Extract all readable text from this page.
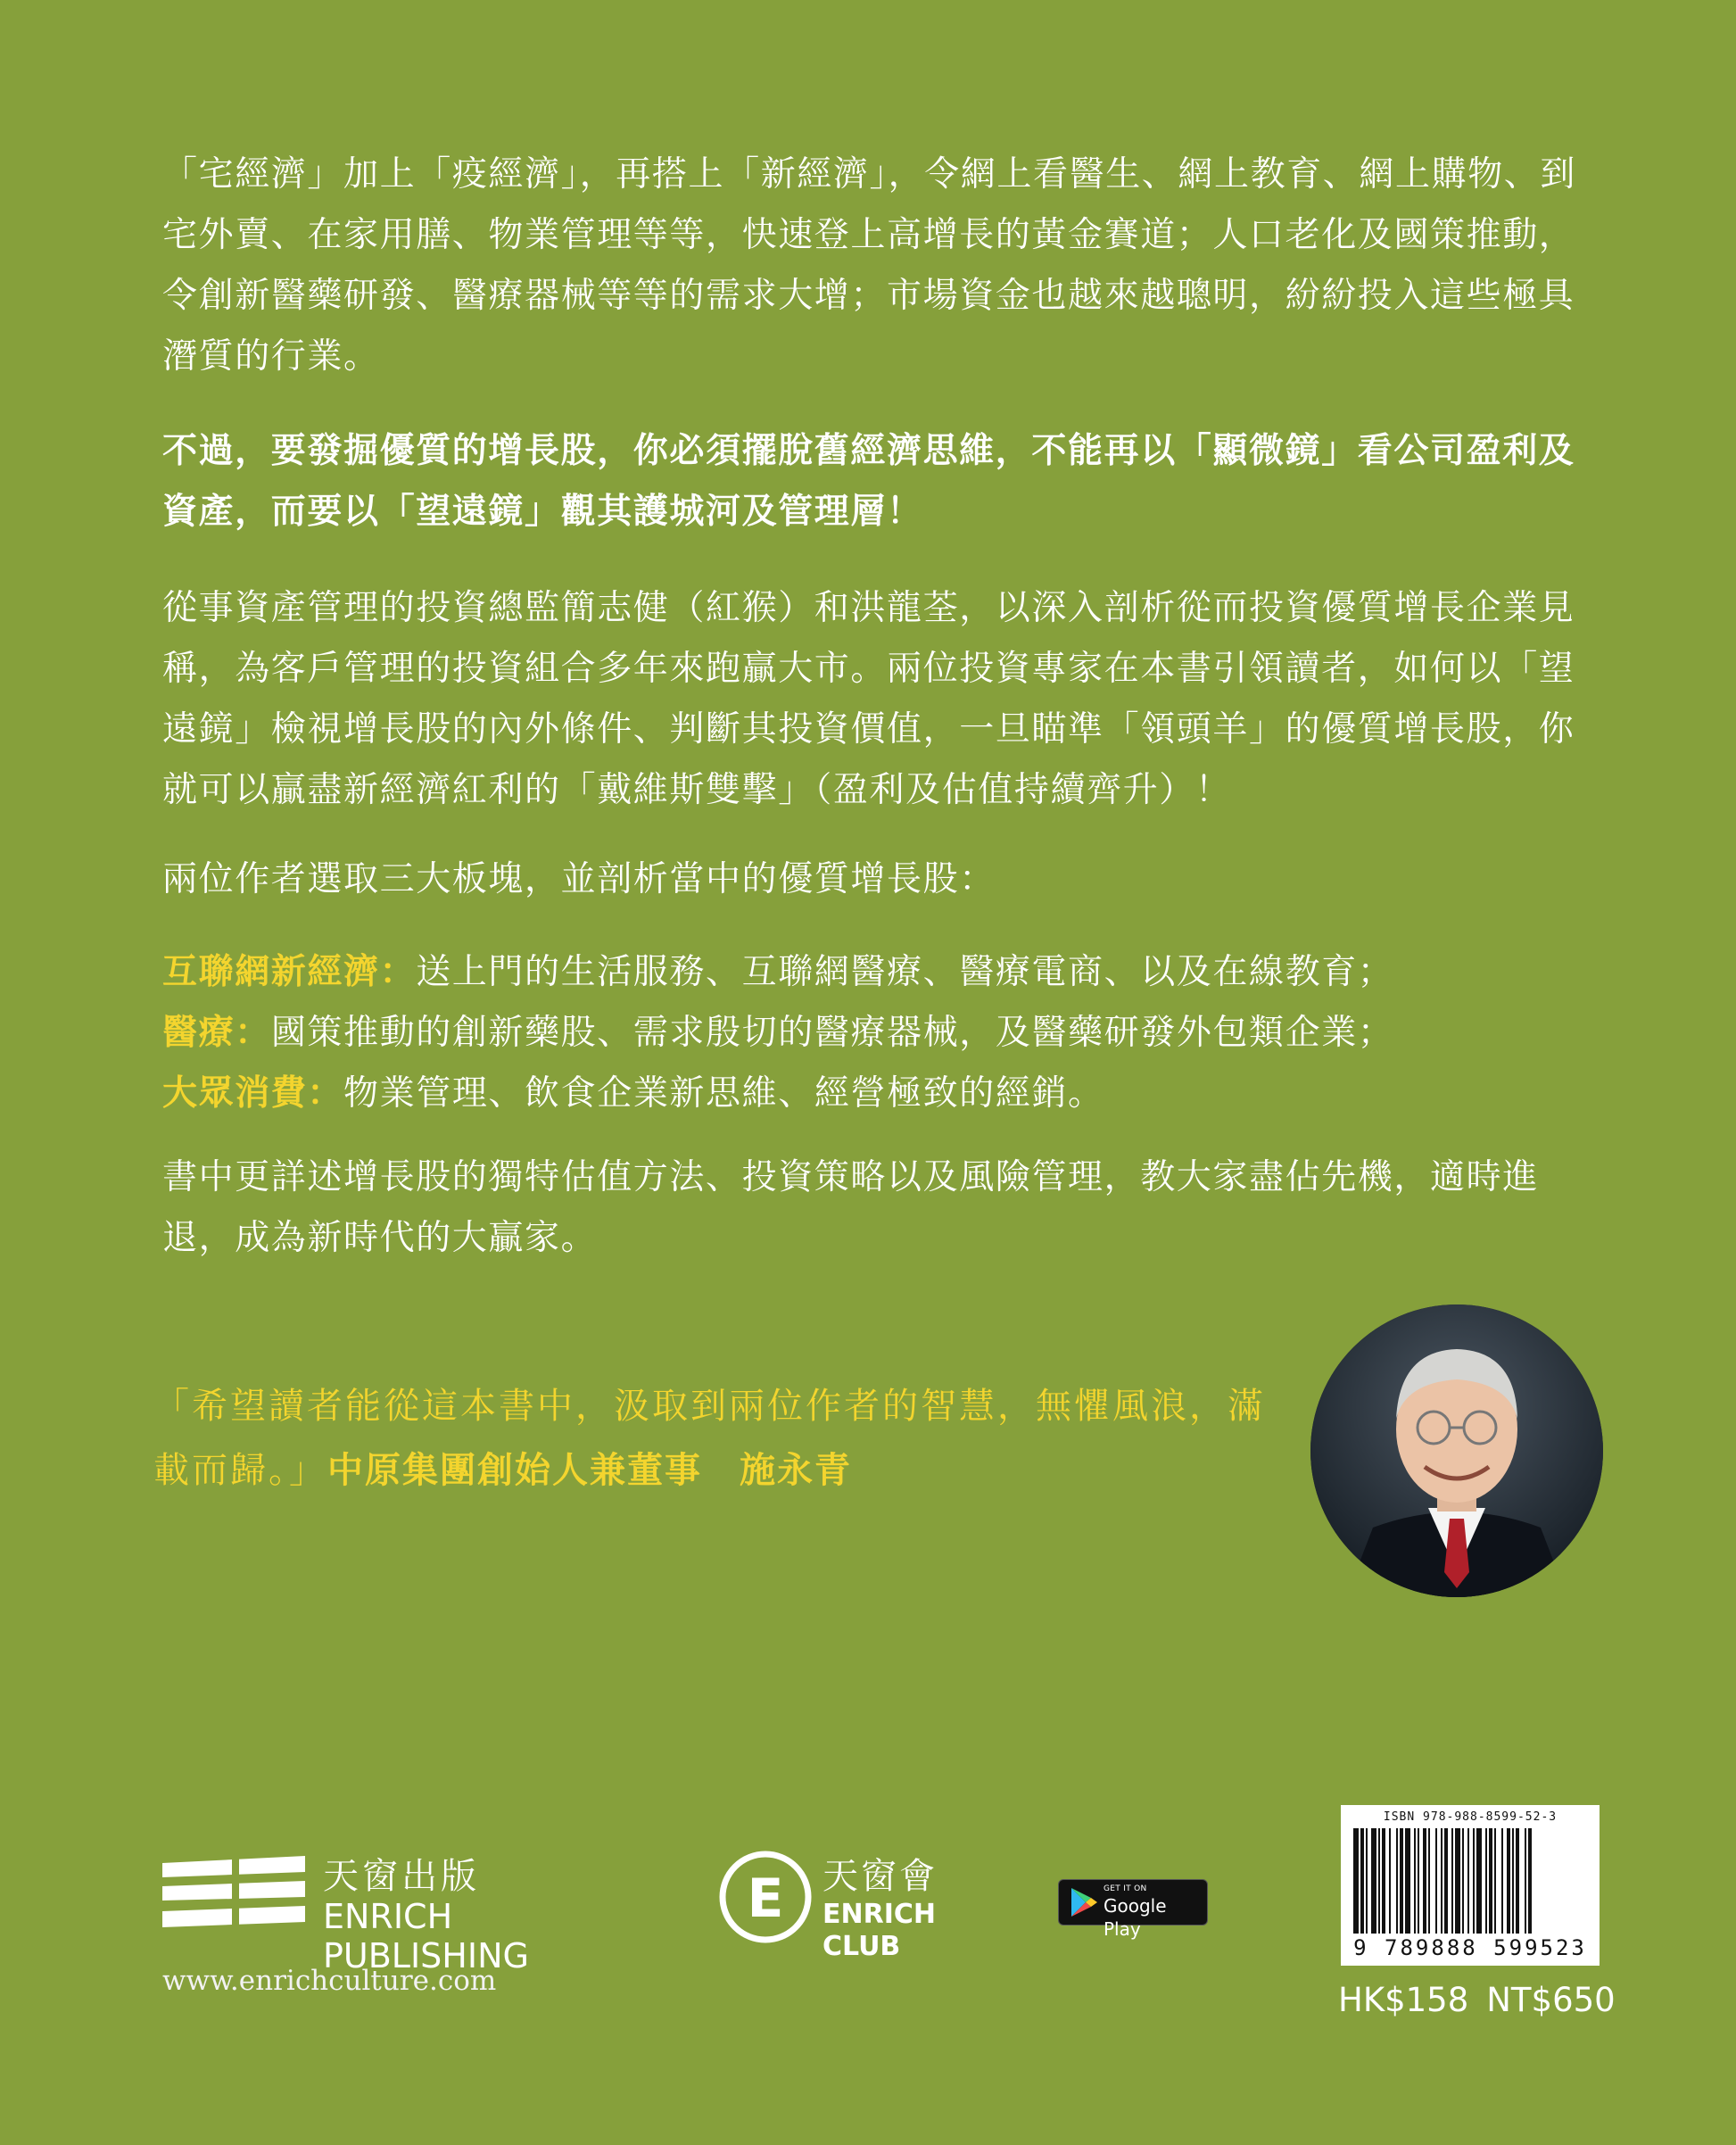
「宅經濟」加上「疫經濟」，再搭上「新經濟」，令網上看醫生、網上教育、網上購物、到宅外賣、在家用膳、物業管理等等，快速登上高增長的黃金賽道；人口老化及國策推動，令創新醫藥研發、醫療器械等等的需求大增；市場資金也越來越聰明，紛紛投入這些極具潛質的行業。

不過，要發掘優質的增長股，你必須擺脫舊經濟思維，不能再以「顯微鏡」看公司盈利及資產，而要以「望遠鏡」觀其護城河及管理層！

從事資產管理的投資總監簡志健（紅猴）和洪龍荃，以深入剖析從而投資優質增長企業見稱，為客戶管理的投資組合多年來跑贏大市。兩位投資專家在本書引領讀者，如何以「望遠鏡」檢視增長股的內外條件、判斷其投資價值，一旦瞄準「領頭羊」的優質增長股，你就可以贏盡新經濟紅利的「戴維斯雙擊」（盈利及估值持續齊升）！

兩位作者選取三大板塊，並剖析當中的優質增長股：

互聯網新經濟：送上門的生活服務、互聯網醫療、醫療電商、以及在線教育；
醫療：國策推動的創新藥股、需求殷切的醫療器械，及醫藥研發外包類企業；
大眾消費：物業管理、飲食企業新思維、經營極致的經銷。

書中更詳述增長股的獨特估值方法、投資策略以及風險管理，教大家盡佔先機，適時進退，成為新時代的大贏家。

「希望讀者能從這本書中，汲取到兩位作者的智慧，無懼風浪，滿載而歸。」中原集團創始人兼董事　施永青
天窗出版
ENRICH PUBLISHING
E 天窗會
ENRICH CLUB
GET IT ON
Google Play
www.enrichculture.com
ISBN 978-988-8599-52-3
9 789888 599523
HK$158 NT$650
